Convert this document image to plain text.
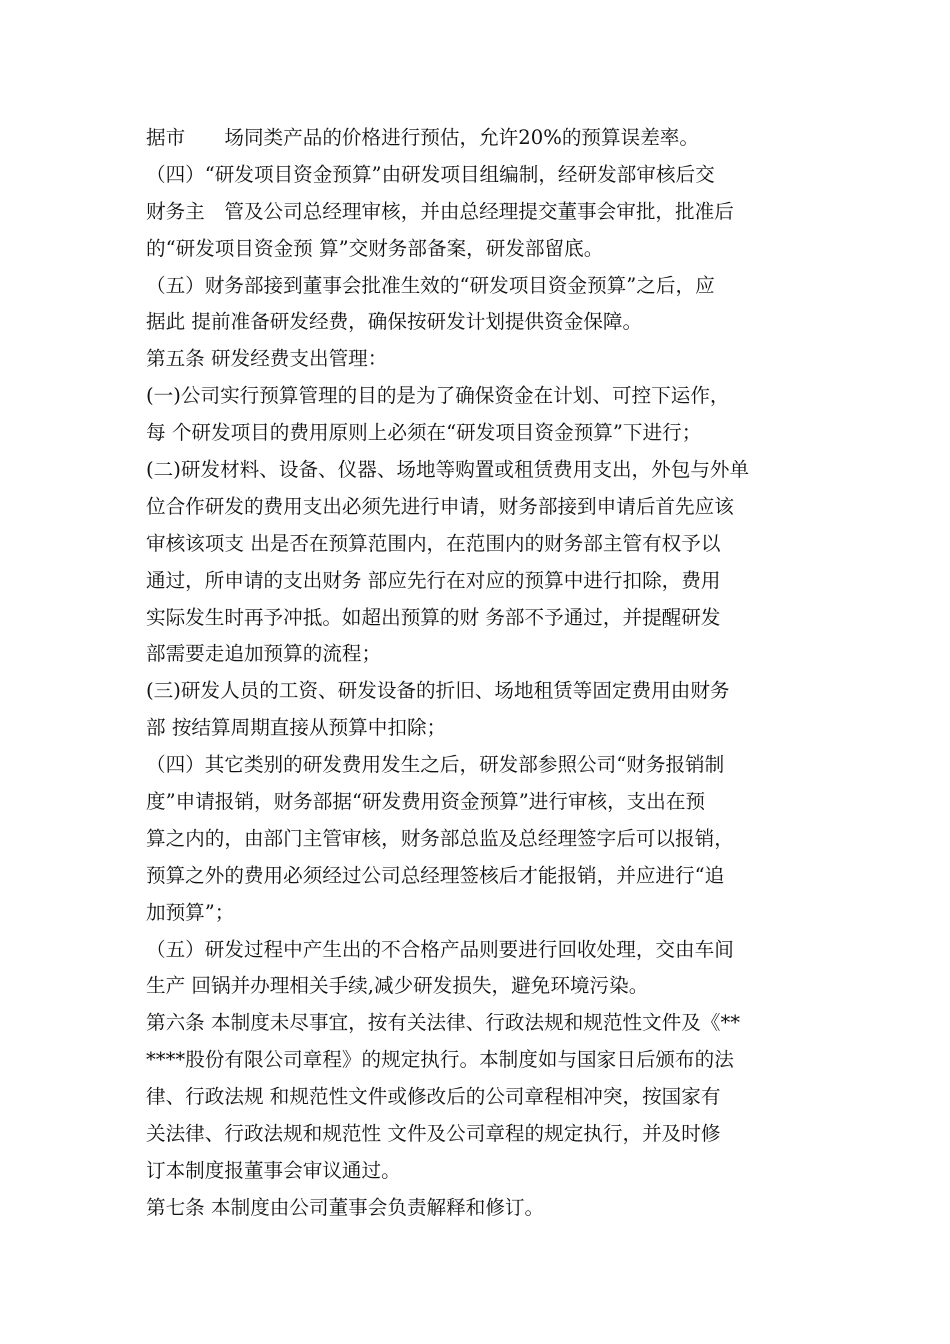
据市　　场同类产品的价格进行预估，允许20%的预算误差率。
（四）“研发项目资金预算”由研发项目组编制，经研发部审核后交
财务主　管及公司总经理审核，并由总经理提交董事会审批，批准后
的“研发项目资金预 算”交财务部备案，研发部留底。
（五）财务部接到董事会批准生效的“研发项目资金预算”之后，应
据此 提前准备研发经费，确保按研发计划提供资金保障。
第五条 研发经费支出管理：
(一)公司实行预算管理的目的是为了确保资金在计划、可控下运作，
每 个研发项目的费用原则上必须在“研发项目资金预算”下进行；
(二)研发材料、设备、仪器、场地等购置或租赁费用支出，外包与外单
位合作研发的费用支出必须先进行申请，财务部接到申请后首先应该
审核该项支 出是否在预算范围内，在范围内的财务部主管有权予以
通过，所申请的支出财务 部应先行在对应的预算中进行扣除，费用
实际发生时再予冲抵。如超出预算的财 务部不予通过，并提醒研发
部需要走追加预算的流程；
(三)研发人员的工资、研发设备的折旧、场地租赁等固定费用由财务
部 按结算周期直接从预算中扣除；
（四）其它类别的研发费用发生之后，研发部参照公司“财务报销制
度”申请报销，财务部据“研发费用资金预算”进行审核，支出在预
算之内的，由部门主管审核，财务部总监及总经理签字后可以报销，
预算之外的费用必须经过公司总经理签核后才能报销，并应进行“追
加预算”；
（五）研发过程中产生出的不合格产品则要进行回收处理，交由车间
生产 回锅并办理相关手续,减少研发损失，避免环境污染。
第六条 本制度未尽事宜，按有关法律、行政法规和规范性文件及《**
****股份有限公司章程》的规定执行。本制度如与国家日后颁布的法
律、行政法规 和规范性文件或修改后的公司章程相冲突，按国家有
关法律、行政法规和规范性 文件及公司章程的规定执行，并及时修
订本制度报董事会审议通过。
第七条 本制度由公司董事会负责解释和修订。
